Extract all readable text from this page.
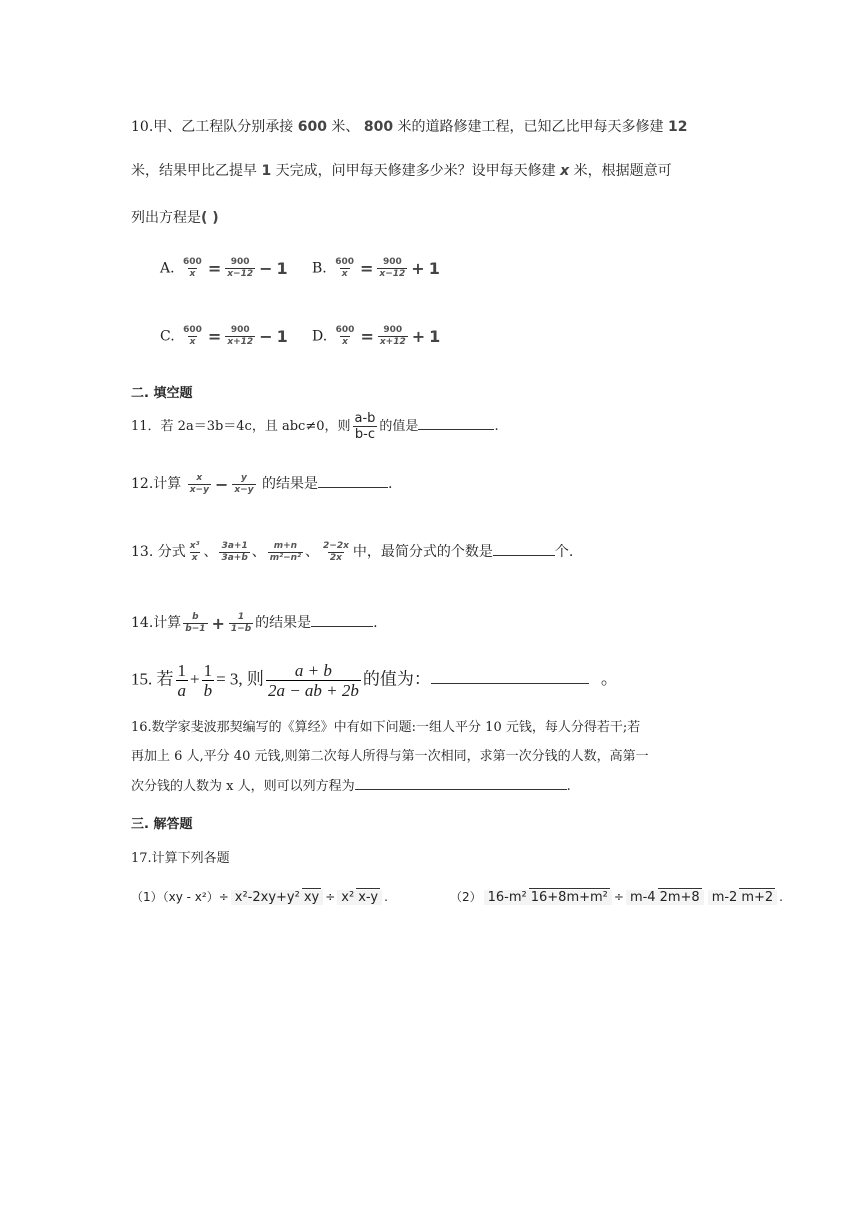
10.甲、乙工程队分别承接 600 米、 800 米的道路修建工程，已知乙比甲每天多修建 12
米，结果甲比乙提早 1 天完成，问甲每天修建多少米？设甲每天修建 x 米，根据题意可
列出方程是( )
A. $\frac{600}{x} = \frac{900}{x-12} - 1$ B. $\frac{600}{x} = \frac{900}{x-12} + 1$
C. $\frac{600}{x} = \frac{900}{x+12} - 1$ D. $\frac{600}{x} = \frac{900}{x+12} + 1$
二. 填空题
11．若 2a＝3b＝4c，且 abc≠0，则 $\frac{a-b}{b-c}$ 的值是	.
12.计算 $\frac{x}{x-y} - \frac{y}{x-y}$ 的结果是	.
13. 分式 $\frac{\text{x³}}{x}$ 、 $\frac{3a+1}{3a+b}$ 、 $\frac{m+n}{\text{m²−n²}}$ 、 $\frac{2-2x}{2x}$ 中，最简分式的个数是	个.
14.计算 $\frac{b}{b-1} + \frac{1}{1-b}$ 的结果是	.
15. 若 $\frac{1}{a} + \frac{1}{b} = 3$, 则 $\frac{a + b}{2a - ab + 2b}$ 的值为：	。
16.数学家斐波那契编写的《算经》中有如下问题:一组人平分 10 元钱，每人分得若干;若
再加上 6 人,平分 40 元钱,则第二次每人所得与第一次相同，求第一次分钱的人数，高第一
次分钱的人数为 x 人，则可以列方程为	.
三. 解答题
17.计算下列各题
（1）（xy - x²）÷ x²-2xy+y² xy ÷ x² x-y .	（2） 16-m² 16+8m+m² ÷ m-4 2m+8 m-2 m+2 .
